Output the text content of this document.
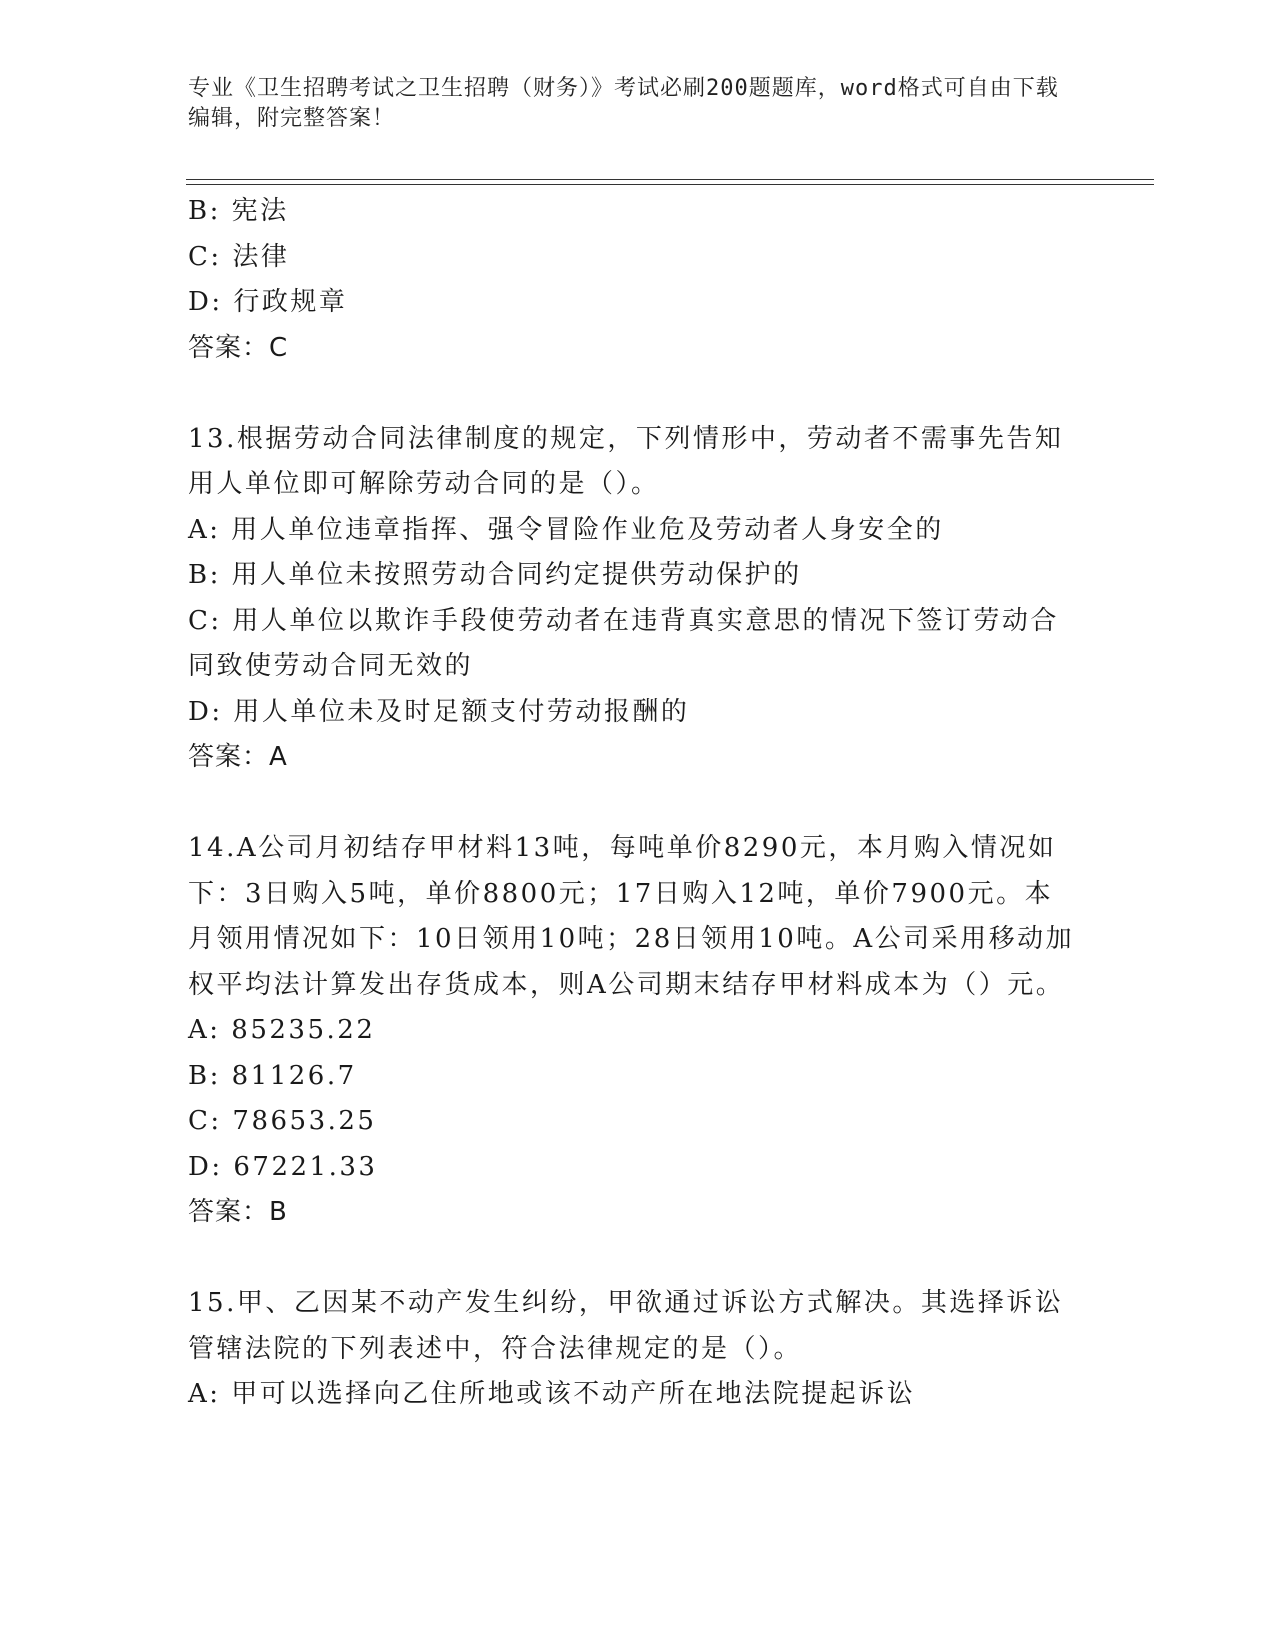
专业《卫生招聘考试之卫生招聘（财务）》考试必刷200题题库，word格式可自由下载编辑，附完整答案！

B: 宪法

C: 法律

D: 行政规章

答案：C

13.根据劳动合同法律制度的规定，下列情形中，劳动者不需事先告知用人单位即可解除劳动合同的是（）。

A: 用人单位违章指挥、强令冒险作业危及劳动者人身安全的

B: 用人单位未按照劳动合同约定提供劳动保护的

C: 用人单位以欺诈手段使劳动者在违背真实意思的情况下签订劳动合同致使劳动合同无效的

D: 用人单位未及时足额支付劳动报酬的

答案：A

14.A公司月初结存甲材料13吨，每吨单价8290元，本月购入情况如下：3日购入5吨，单价8800元；17日购入12吨，单价7900元。本月领用情况如下：10日领用10吨；28日领用10吨。A公司采用移动加权平均法计算发出存货成本，则A公司期末结存甲材料成本为（）元。

A: 85235.22

B: 81126.7

C: 78653.25

D: 67221.33

答案：B

15.甲、乙因某不动产发生纠纷，甲欲通过诉讼方式解决。其选择诉讼管辖法院的下列表述中，符合法律规定的是（）。

A: 甲可以选择向乙住所地或该不动产所在地法院提起诉讼
